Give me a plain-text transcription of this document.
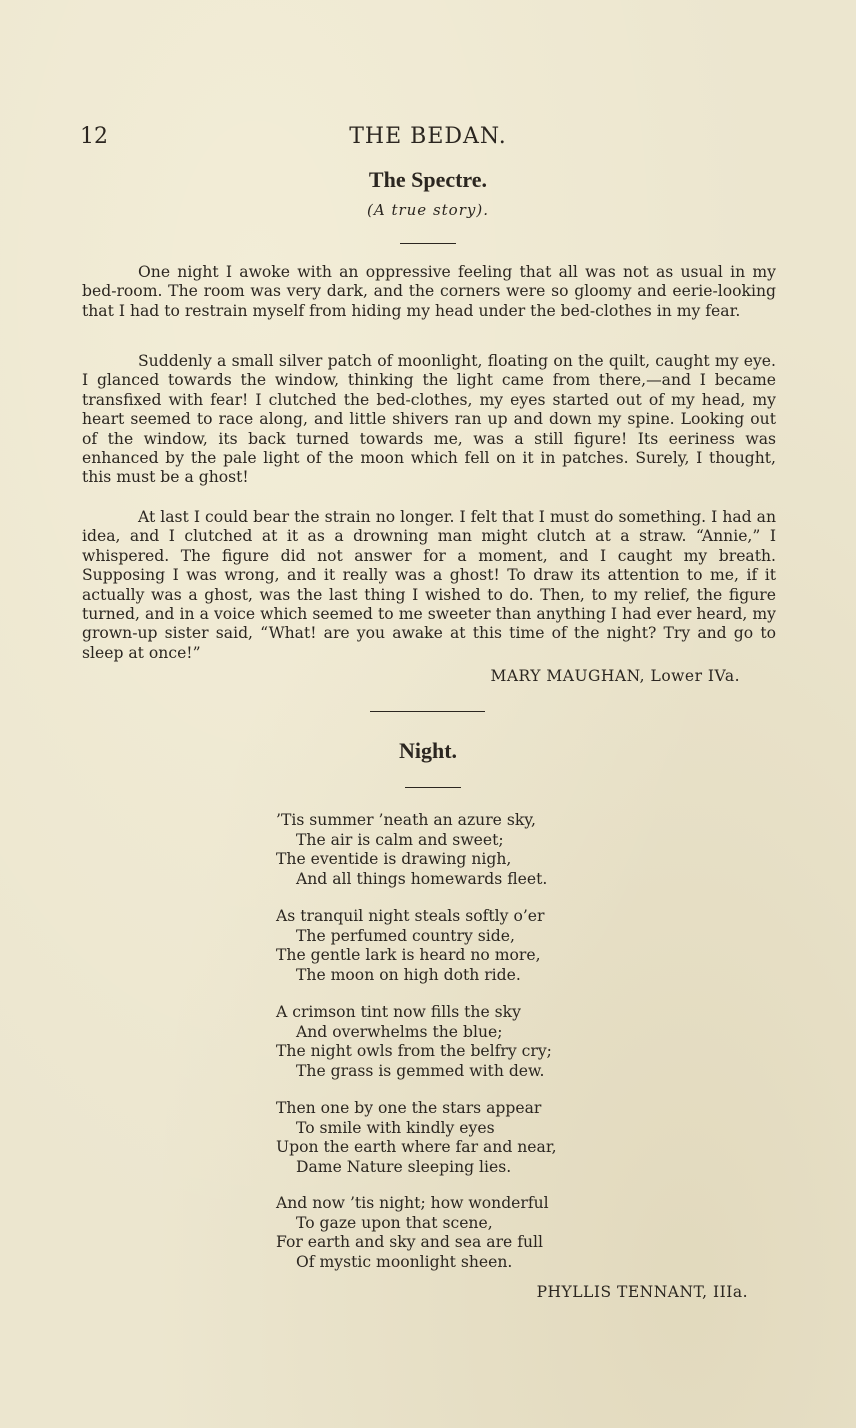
12	THE BEDAN.

The Spectre.

(A true story).

One night I awoke with an oppressive feeling that all was not as usual in my bed-room. The room was very dark, and the corners were so gloomy and eerie-looking that I had to restrain myself from hiding my head under the bed-clothes in my fear.

Suddenly a small silver patch of moonlight, floating on the quilt, caught my eye. I glanced towards the window, thinking the light came from there,—and I became transfixed with fear! I clutched the bed-clothes, my eyes started out of my head, my heart seemed to race along, and little shivers ran up and down my spine. Looking out of the window, its back turned towards me, was a still figure! Its eeriness was enhanced by the pale light of the moon which fell on it in patches. Surely, I thought, this must be a ghost!

At last I could bear the strain no longer. I felt that I must do something. I had an idea, and I clutched at it as a drowning man might clutch at a straw. “Annie,” I whispered. The figure did not answer for a moment, and I caught my breath. Supposing I was wrong, and it really was a ghost! To draw its attention to me, if it actually was a ghost, was the last thing I wished to do. Then, to my relief, the figure turned, and in a voice which seemed to me sweeter than anything I had ever heard, my grown-up sister said, “What! are you awake at this time of the night? Try and go to sleep at once!”

MARY MAUGHAN, Lower IVa.

Night.
’Tis summer ’neath an azure sky,
The air is calm and sweet;
The eventide is drawing nigh,
And all things homewards fleet.
As tranquil night steals softly o’er
The perfumed country side,
The gentle lark is heard no more,
The moon on high doth ride.
A crimson tint now fills the sky
And overwhelms the blue;
The night owls from the belfry cry;
The grass is gemmed with dew.
Then one by one the stars appear
To smile with kindly eyes
Upon the earth where far and near,
Dame Nature sleeping lies.
And now ’tis night; how wonderful
To gaze upon that scene,
For earth and sky and sea are full
Of mystic moonlight sheen.

PHYLLIS TENNANT, IIIa.
